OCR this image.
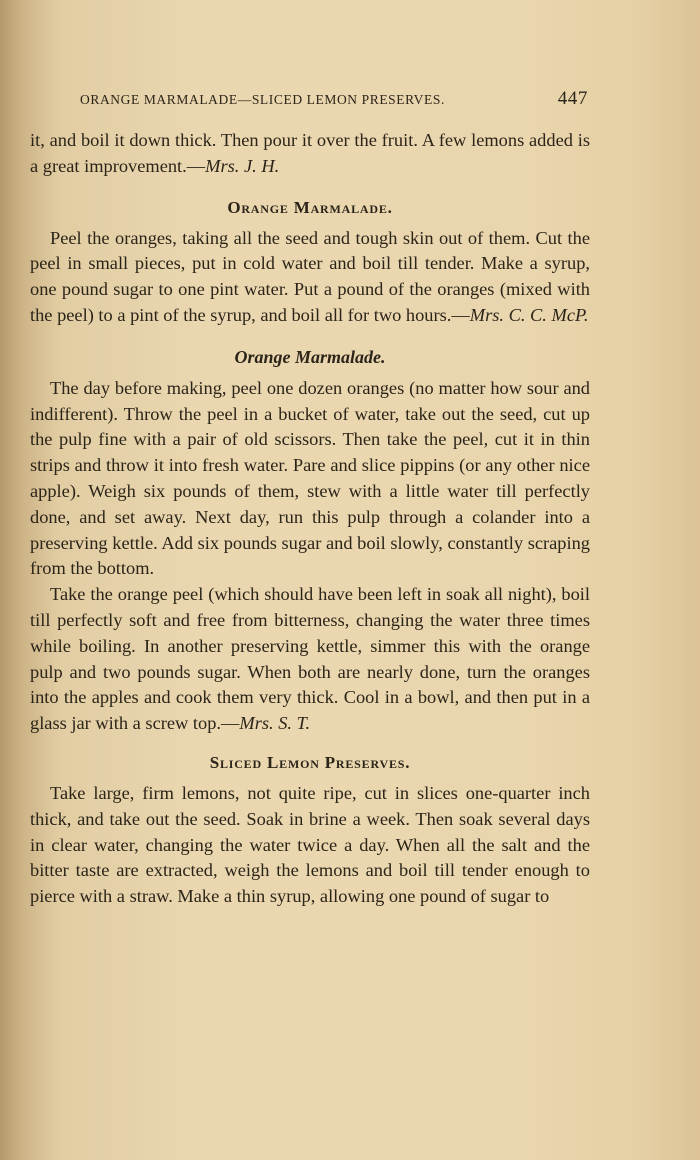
ORANGE MARMALADE—SLICED LEMON PRESERVES.	447

it, and boil it down thick. Then pour it over the fruit. A few lemons added is a great improvement.—Mrs. J. H.

Orange Marmalade.

Peel the oranges, taking all the seed and tough skin out of them. Cut the peel in small pieces, put in cold water and boil till tender. Make a syrup, one pound sugar to one pint water. Put a pound of the oranges (mixed with the peel) to a pint of the syrup, and boil all for two hours.—Mrs. C. C. McP.

Orange Marmalade.

The day before making, peel one dozen oranges (no matter how sour and indifferent). Throw the peel in a bucket of water, take out the seed, cut up the pulp fine with a pair of old scissors. Then take the peel, cut it in thin strips and throw it into fresh water. Pare and slice pippins (or any other nice apple). Weigh six pounds of them, stew with a little water till perfectly done, and set away. Next day, run this pulp through a colander into a preserving kettle. Add six pounds sugar and boil slowly, constantly scraping from the bottom.

Take the orange peel (which should have been left in soak all night), boil till perfectly soft and free from bitterness, changing the water three times while boiling. In another preserving kettle, simmer this with the orange pulp and two pounds sugar. When both are nearly done, turn the oranges into the apples and cook them very thick. Cool in a bowl, and then put in a glass jar with a screw top.—Mrs. S. T.

Sliced Lemon Preserves.

Take large, firm lemons, not quite ripe, cut in slices one-quarter inch thick, and take out the seed. Soak in brine a week. Then soak several days in clear water, changing the water twice a day. When all the salt and the bitter taste are extracted, weigh the lemons and boil till tender enough to pierce with a straw. Make a thin syrup, allowing one pound of sugar to
